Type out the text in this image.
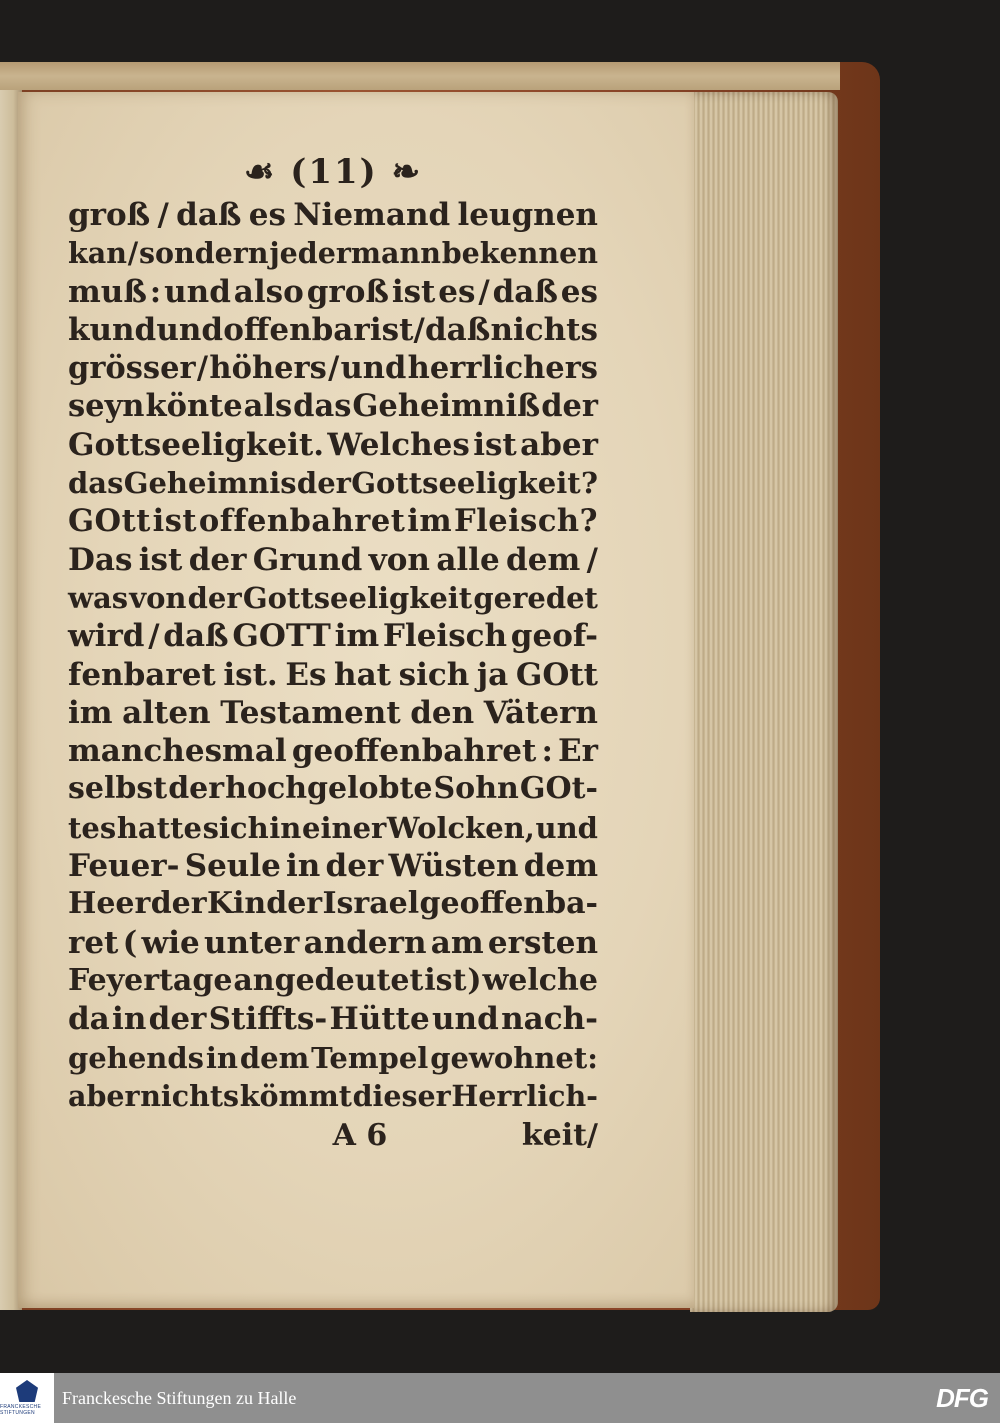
☙ (11) ❧
groß / daß es Niemand leugnen
kan / sondern jedermann bekennen
muß : und also groß ist es / daß es
kund und offenbar ist / daß nichts
grösser / höhers / und herrlichers
seyn könte als das Geheimniß der
Gottseeligkeit. Welches ist aber
das Geheimnis der Gottseeligkeit ?
GOtt ist offenbahret im Fleisch?
Das ist der Grund von alle dem /
was von der Gottseeligkeit geredet
wird / daß GOTT im Fleisch geof-
fenbaret ist. Es hat sich ja GOtt
im alten Testament den Vätern
manchesmal geoffenbahret : Er
selbst der hochgelobte Sohn GOt-
tes hatte sich in einer Wolcken, und
Feuer- Seule in der Wüsten dem
Heer der Kinder Israel geoffenba-
ret ( wie unter andern am ersten
Feyertage angedeutet ist ) welche
da in der Stiffts- Hütte und nach-
gehends in dem Tempel gewohnet:
aber nichts kömmt dieser Herrlich-
A 6	keit/
FRANCKESCHE STIFTUNGEN
Franckesche Stiftungen zu Halle	DFG
